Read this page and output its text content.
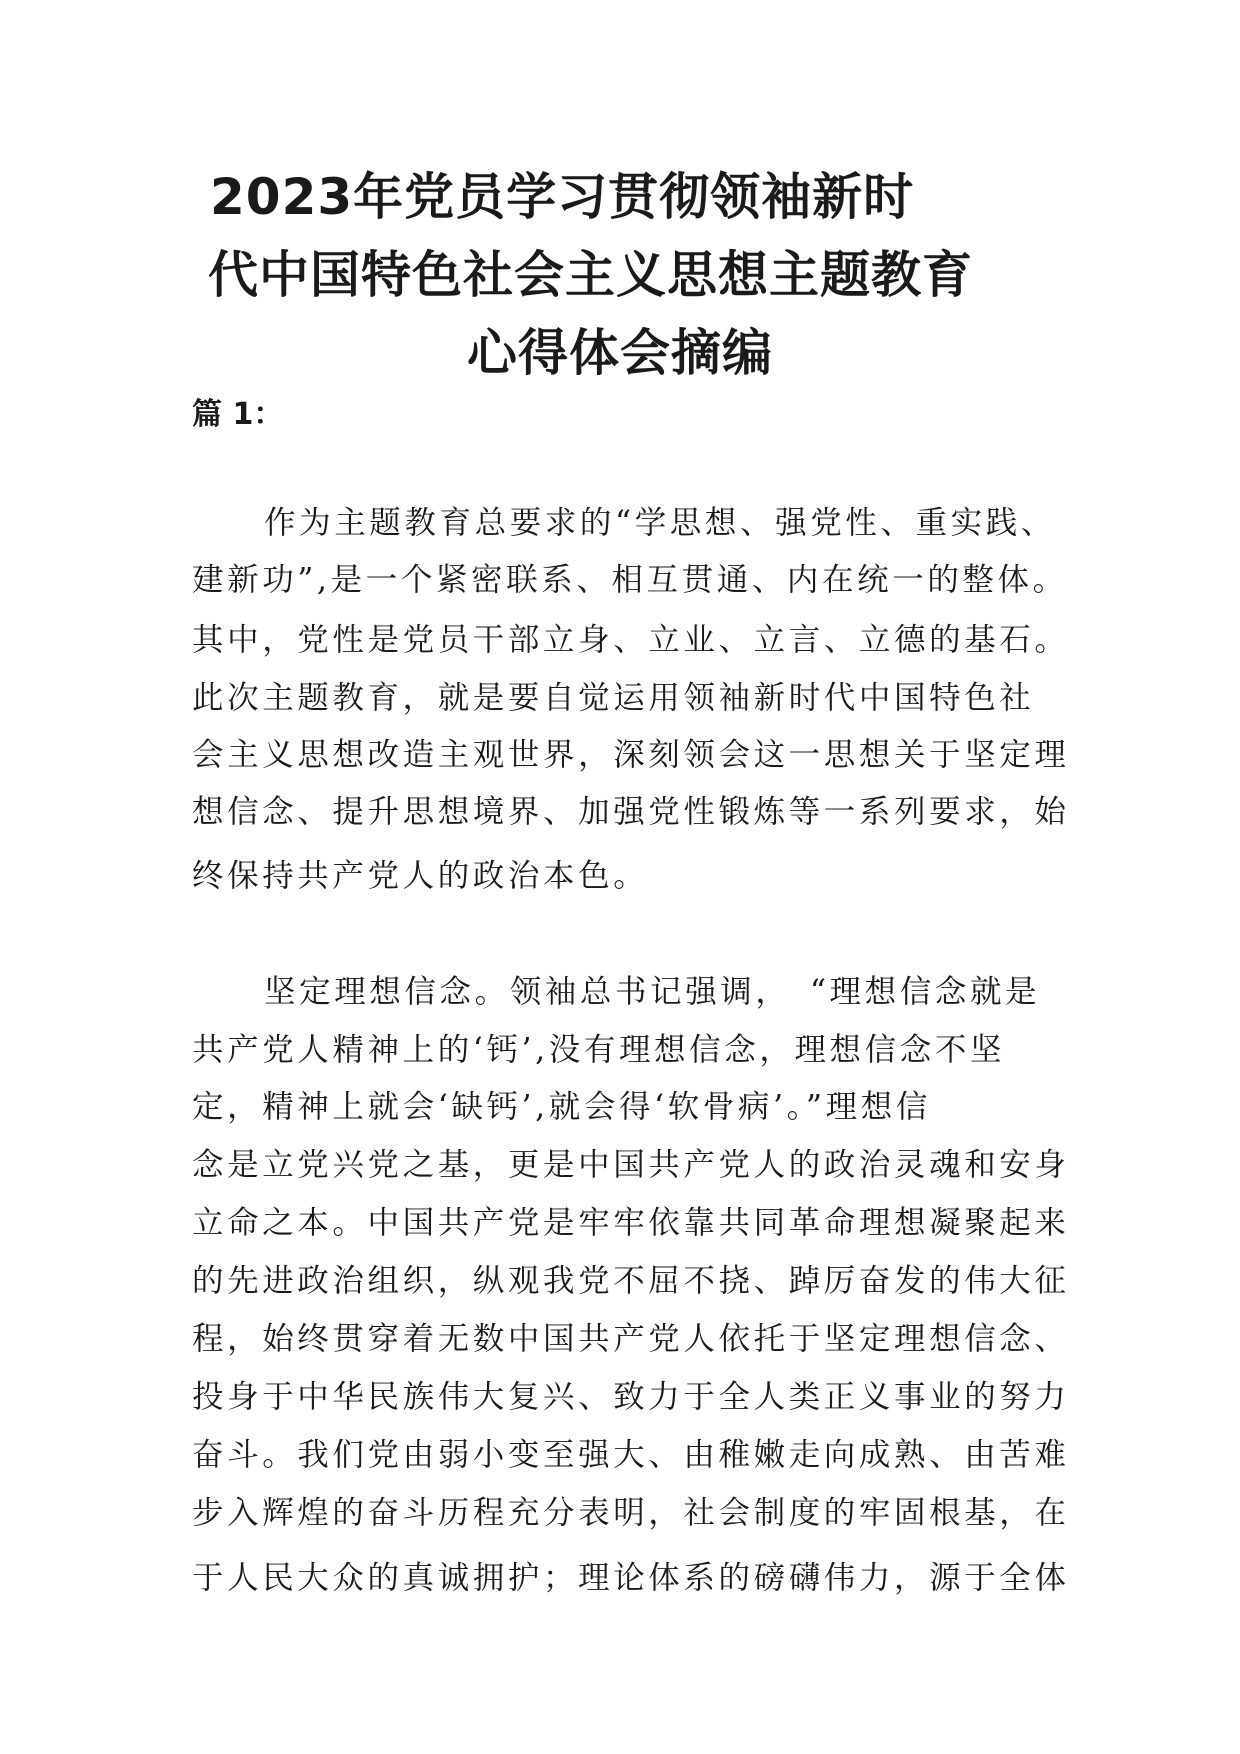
2023年党员学习贯彻领袖新时
代中国特色社会主义思想主题教育
心得体会摘编
篇 1：
作为主题教育总要求的“学思想、强党性、重实践、
建新功”,是一个紧密联系、相互贯通、内在统一的整体。
其中，党性是党员干部立身、立业、立言、立德的基石。
此次主题教育，就是要自觉运用领袖新时代中国特色社
会主义思想改造主观世界，深刻领会这一思想关于坚定理
想信念、提升思想境界、加强党性锻炼等一系列要求，始
终保持共产党人的政治本色。
坚定理想信念。领袖总书记强调，　“理想信念就是
共产党人精神上的‘钙’,没有理想信念，理想信念不坚
定，精神上就会‘缺钙’,就会得‘软骨病’。”理想信
念是立党兴党之基，更是中国共产党人的政治灵魂和安身
立命之本。中国共产党是牢牢依靠共同革命理想凝聚起来
的先进政治组织，纵观我党不屈不挠、踔厉奋发的伟大征
程，始终贯穿着无数中国共产党人依托于坚定理想信念、
投身于中华民族伟大复兴、致力于全人类正义事业的努力
奋斗。我们党由弱小变至强大、由稚嫩走向成熟、由苦难
步入辉煌的奋斗历程充分表明，社会制度的牢固根基，在
于人民大众的真诚拥护；理论体系的磅礴伟力，源于全体
